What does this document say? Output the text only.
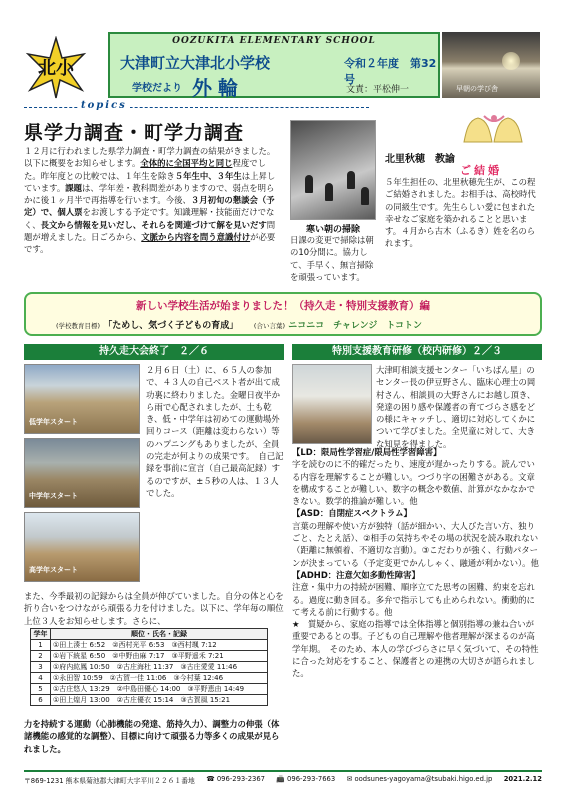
北小
OOZUKITA ELEMENTARY SCHOOL
大津町立大津北小学校	令和２年度　第32号
学校だより 外輪	文責：平松伸一	早朝の学び舎
topics
県学力調査・町学力調査
１２月に行われました県学力調査・町学力調査の結果がきました。以下に概要をお知らせします。全体的に全国平均と同じ程度でした。昨年度との比較では、１年生を除き５年生中、３年生は上昇しています。課題は、学年差・教科間差がありますので、弱点を明らかに後１ヶ月半で再指導を行います。今後、３月初旬の懇談会（予定）で、個人票をお渡しする予定です。知識理解・技能面だけでなく、長文から情報を見いだし、それらを関連づけて解を見いだす問題が増えました。日ごろから、文脈から内容を問う意識付けが必要です。
寒い朝の掃除
日課の変更で掃除は朝の10分間に。協力して、手早く、無言掃除を頑張っています。
北里秋穂　教諭
ご結婚
５年生担任の、北里秋穂先生が、この程ご結婚されました。お相手は、高校時代の同級生です。先生らしい愛に包まれた幸せなご家庭を築かれることと思います。４月から古木（ふるき）姓を名のられます。
新しい学校生活が始まりました！（持久走・特別支援教育）編
(学校教育目標) 「ためし、気づく子どもの育成」 (合い言葉) ニコニコ　チャレンジ　トコトン
持久走大会終了　２／６	特別支援教育研修（校内研修）２／３
低学年スタート
中学年スタート
高学年スタート
２月６日（土）に、６５人の参加で、４３人の自己ベスト者が出て成功裏に終わりました。金曜日夜半から雨で心配されましたが、土も乾き、低・中学年は初めての運動場外回りコース（距離は変わらない）等のハプニングもありましたが、全員の完走が何よりの成果です。　自己記録を事前に宣言（自己最高記録）するのですが、±５秒の人は、１３人でした。
また、今季最初の記録からは全員が伸びていました。自分の体と心を折り合いをつけながら頑張る力を付けました。以下に、学年毎の順位上位３人をお知らせします。さらに、
学年	順位・氏名・記録
1	①田上湊士 6:52　②西村光平 6:53　③西村颯 7:12
2	①岩下統星 6:50　②中野由麻 7:17　③平野遥禾 7:21
3	①府内紘鳳 10:50　②古庄海杜 11:37　③古庄愛愛 11:46
4	①永田智 10:59　②古賀一佳 11:06　③今村葉 12:46
5	①古庄悠人 13:29　②中島田優心 14:00　③平野恵由 14:49
6	①田上煌月 13:00　②古庄優衣 15:14　③古賀風 15:21
力を持続する運動（心肺機能の発達、筋持久力）、調整力の伸張（体諸機能の感覚的な調整）、目標に向けて頑張る力等多くの成果が見られました。
大津町相談支援センター「いちばん星」のセンター長の伊豆野さん、臨床心理士の岡村さん、相談員の大野さんにお越し頂き、発達の困り感や保護者の育てづらさ感をどの様にキャッチし、適切に対応してくかについて学びました。全児童に対して、大きな知見を得ました。
【LD：限局性学習症/限局性学習障害】
字を読むのに不的確だったり、速度が遅かったりする。読んでいる内容を理解することが難しい。つづり字の困難さがある。文章を構成することが難しい、数字の概念や数値、計算がなかなかできない。数学的推論が難しい。他
【ASD：自閉症スペクトラム】
言葉の理解や使い方が独特（話が細かい、大人びた言い方、独りごと、たとえ話）、②相手の気持ちやその場の状況を読み取れない（距離に無頓着、不適切な言動）。③こだわりが強く、行動パターンが決まっている（予定変更でかんしゃく、融通が利かない）。他
【ADHD：注意欠如多動性障害】
注意・集中力の持続が困難、順序立てた思考の困難、約束を忘れる。過度に動き回る。多弁で指示しても止められない。衝動的にて考える前に行動する。他
★　質疑から、家庭の指導では全体指導と個別指導の兼ね合いが重要であるとの事。子どもの自己理解や他者理解が深まるのが高学年期。　そのため、本人の学びづらさに早く気づいて、その特性に合った対応をすること、保護者との連携の大切さが語られました。
〒869-1231 熊本県菊池郡大津町大字平川２２６１番地 ☎ 096-293-2367 📠 096-293-7663 ✉ oodsunes-yagoyama@tsubaki.higo.ed.jp 2021.2.12
